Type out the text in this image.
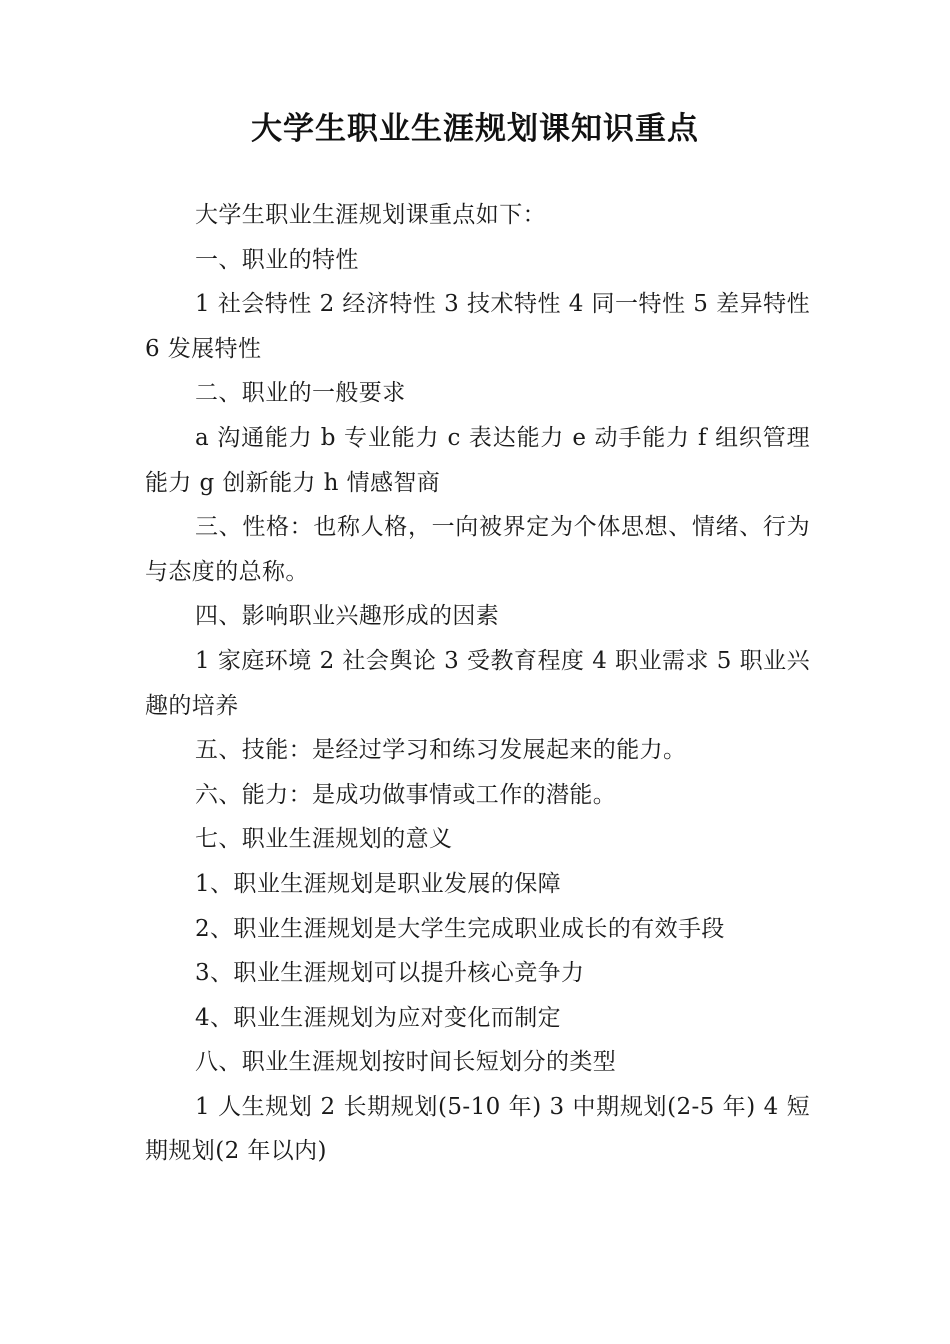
大学生职业生涯规划课知识重点

大学生职业生涯规划课重点如下：

一、职业的特性

1 社会特性 2 经济特性 3 技术特性 4 同一特性 5 差异特性 6 发展特性

二、职业的一般要求

a 沟通能力 b 专业能力 c 表达能力 e 动手能力 f 组织管理能力 g 创新能力 h 情感智商

三、性格：也称人格，一向被界定为个体思想、情绪、行为与态度的总称。

四、影响职业兴趣形成的因素

1 家庭环境 2 社会舆论 3 受教育程度 4 职业需求 5 职业兴趣的培养

五、技能：是经过学习和练习发展起来的能力。

六、能力：是成功做事情或工作的潜能。

七、职业生涯规划的意义

1、职业生涯规划是职业发展的保障

2、职业生涯规划是大学生完成职业成长的有效手段

3、职业生涯规划可以提升核心竞争力

4、职业生涯规划为应对变化而制定

八、职业生涯规划按时间长短划分的类型

1 人生规划 2 长期规划(5-10 年) 3 中期规划(2-5 年) 4 短期规划(2 年以内)
